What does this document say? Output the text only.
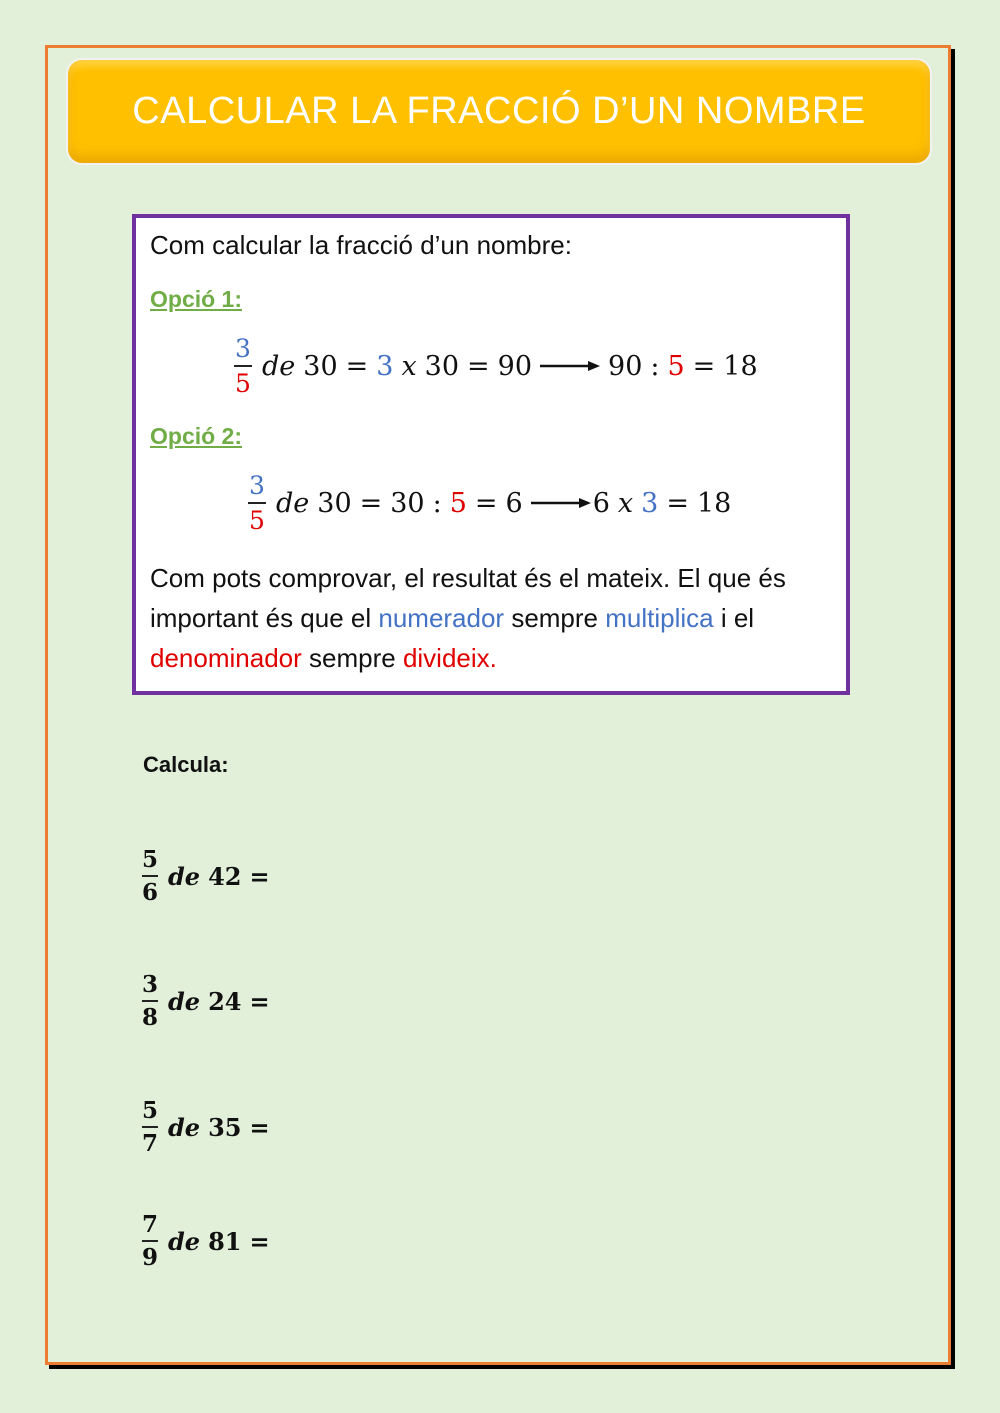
CALCULAR LA FRACCIÓ D’UN NOMBRE
Com calcular la fracció d’un nombre:
Opció 1:
$\frac{3}{5}$ de 30 = 3 x 30 = 90	90 : 5 = 18
Opció 2:
$\frac{3}{5}$ de 30 = 30 : 5 = 6	6 x 3 = 18
Com pots comprovar, el resultat és el mateix. El que és important és que el numerador sempre multiplica i el denominador sempre divideix.
Calcula:
$\frac{5}{6}$ de 42 =
$\frac{3}{8}$ de 24 =
$\frac{5}{7}$ de 35 =
$\frac{7}{9}$ de 81 =
